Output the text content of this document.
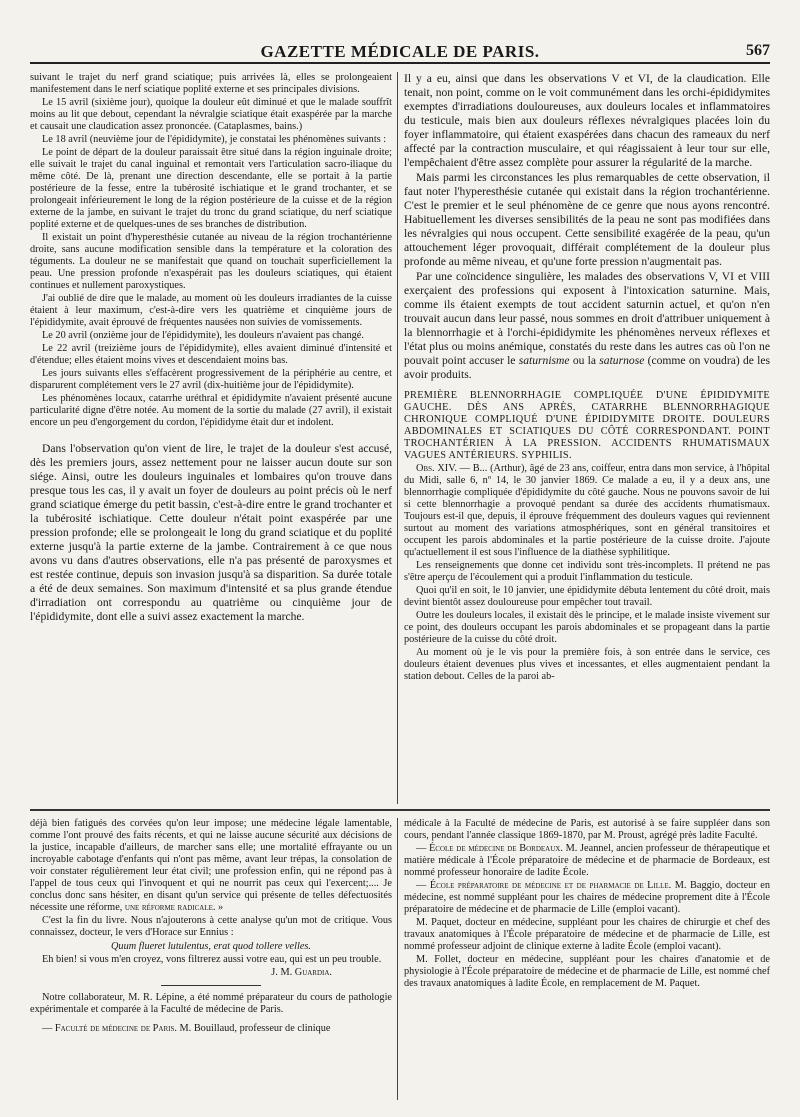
GAZETTE MÉDICALE DE PARIS.	567

suivant le trajet du nerf grand sciatique; puis arrivées là, elles se prolongeaient manifestement dans le nerf sciatique poplité externe et ses principales divisions.

Le 15 avril (sixième jour), quoique la douleur eût diminué et que le malade souffrît moins au lit que debout, cependant la névralgie sciatique était exaspérée par la marche et causait une claudication assez prononcée. (Cataplasmes, bains.)

Le 18 avril (neuvième jour de l'épididymite), je constatai les phénomènes suivants :

Le point de départ de la douleur paraissait être situé dans la région inguinale droite; elle suivait le trajet du canal inguinal et remontait vers l'articulation sacro-iliaque du même côté. De là, prenant une direction descendante, elle se portait à la partie postérieure de la fesse, entre la tubérosité ischiatique et le grand trochanter, et se prolongeait inférieurement le long de la région postérieure de la cuisse et de la région externe de la jambe, en suivant le trajet du tronc du grand sciatique, du nerf sciatique poplité externe et de quelques-unes de ses branches de distribution.

Il existait un point d'hyperesthésie cutanée au niveau de la région trochantérienne droite, sans aucune modification sensible dans la température et la coloration des téguments. La douleur ne se manifestait que quand on touchait superficiellement la peau. Une pression profonde n'exaspérait pas les douleurs sciatiques, qui étaient continues et nullement paroxystiques.

J'ai oublié de dire que le malade, au moment où les douleurs irradiantes de la cuisse étaient à leur maximum, c'est-à-dire vers les quatrième et cinquième jours de l'épididymite, avait éprouvé de fréquentes nausées non suivies de vomissements.

Le 20 avril (onzième jour de l'épididymite), les douleurs n'avaient pas changé.

Le 22 avril (treizième jours de l'épididymite), elles avaient diminué d'intensité et d'étendue; elles étaient moins vives et descendaient moins bas.

Les jours suivants elles s'effacèrent progressivement de la périphérie au centre, et disparurent complétement vers le 27 avril (dix-huitième jour de l'épididymite).

Les phénomènes locaux, catarrhe uréthral et épididymite n'avaient présenté aucune particularité digne d'être notée. Au moment de la sortie du malade (27 avril), il existait encore un peu d'engorgement du cordon, l'épididyme était dur et indolent.

Dans l'observation qu'on vient de lire, le trajet de la douleur s'est accusé, dès les premiers jours, assez nettement pour ne laisser aucun doute sur son siége. Ainsi, outre les douleurs inguinales et lombaires qu'on trouve dans presque tous les cas, il y avait un foyer de douleurs au point précis où le nerf grand sciatique émerge du petit bassin, c'est-à-dire entre le grand trochanter et la tubérosité ischiatique. Cette douleur n'était point exaspérée par une pression profonde; elle se prolongeait le long du grand sciatique et du poplité externe jusqu'à la partie externe de la jambe. Contrairement à ce que nous avons vu dans d'autres observations, elle n'a pas présenté de paroxysmes et est restée continue, depuis son invasion jusqu'à sa disparition. Sa durée totale a été de deux semaines. Son maximum d'intensité et sa plus grande étendue d'irradiation ont correspondu au quatrième ou cinquième jour de l'épididymite, dont elle a suivi assez exactement la marche.

Il y a eu, ainsi que dans les observations V et VI, de la claudication. Elle tenait, non point, comme on le voit communément dans les orchi-épididymites exemptes d'irradiations douloureuses, aux douleurs locales et inflammatoires du testicule, mais bien aux douleurs réflexes névralgiques placées loin du foyer inflammatoire, qui étaient exaspérées dans chacun des rameaux du nerf affecté par la contraction musculaire, et qui réagissaient à leur tour sur elle, l'empêchaient d'être assez complète pour assurer la régularité de la marche.

Mais parmi les circonstances les plus remarquables de cette observation, il faut noter l'hyperesthésie cutanée qui existait dans la région trochantérienne. C'est le premier et le seul phénomène de ce genre que nous ayons rencontré. Habituellement les diverses sensibilités de la peau ne sont pas modifiées dans les névralgies qui nous occupent. Cette sensibilité exagérée de la peau, qu'un attouchement léger provoquait, différait complétement de la douleur plus profonde au même niveau, et qu'une forte pression n'augmentait pas.

Par une coïncidence singulière, les malades des observations V, VI et VIII exerçaient des professions qui exposent à l'intoxication saturnine. Mais, comme ils étaient exempts de tout accident saturnin actuel, et qu'on n'en trouvait aucun dans leur passé, nous sommes en droit d'attribuer uniquement à la blennorrhagie et à l'orchi-épididymite les phénomènes nerveux réflexes et l'état plus ou moins anémique, constatés du reste dans les autres cas où l'on ne pouvait point accuser le saturnisme ou la saturnose (comme on voudra) de les avoir produits.

PREMIÈRE BLENNORRHAGIE COMPLIQUÉE D'UNE ÉPIDIDYMITE GAUCHE. DÈS ANS APRÈS, CATARRHE BLENNORRHAGIQUE CHRONIQUE COMPLIQUÉ D'UNE ÉPIDIDYMITE DROITE. DOULEURS ABDOMINALES ET SCIATIQUES DU CÔTÉ CORRESPONDANT. POINT TROCHANTÉRIEN À LA PRESSION. ACCIDENTS RHUMATISMAUX VAGUES ANTÉRIEURS. SYPHILIS.

Obs. XIV. — B... (Arthur), âgé de 23 ans, coiffeur, entra dans mon service, à l'hôpital du Midi, salle 6, nº 14, le 30 janvier 1869. Ce malade a eu, il y a deux ans, une blennorrhagie compliquée d'épididymite du côté gauche. Nous ne pouvons savoir de lui si cette blennorrhagie a provoqué pendant sa durée des accidents rhumatismaux. Toujours est-il que, depuis, il éprouve fréquemment des douleurs vagues qui reviennent surtout au moment des variations atmosphériques, sont en général transitoires et occupent les parois abdominales et la partie postérieure de la cuisse droite. J'ajoute qu'actuellement il est sous l'influence de la diathèse syphilitique.

Les renseignements que donne cet individu sont très-incomplets. Il prétend ne pas s'être aperçu de l'écoulement qui a produit l'inflammation du testicule.

Quoi qu'il en soit, le 10 janvier, une épididymite débuta lentement du côté droit, mais devint bientôt assez douloureuse pour empêcher tout travail.

Outre les douleurs locales, il existait dès le principe, et le malade insiste vivement sur ce point, des douleurs occupant les parois abdominales et se propageant dans la partie postérieure de la cuisse du côté droit.

Au moment où je le vis pour la première fois, à son entrée dans le service, ces douleurs étaient devenues plus vives et incessantes, et elles augmentaient pendant la station debout. Celles de la paroi ab-

déjà bien fatigués des corvées qu'on leur impose; une médecine légale lamentable, comme l'ont prouvé des faits récents, et qui ne laisse aucune sécurité aux décisions de la justice, incapable d'ailleurs, de marcher sans elle; une mortalité effrayante ou un incroyable cabotage d'enfants qui n'ont pas même, avant leur trépas, la consolation de voir constater régulièrement leur état civil; une profession enfin, qui ne répond pas à l'appel de tous ceux qui l'invoquent et qui ne nourrit pas ceux qui l'exercent;.... Je conclus donc sans hésiter, en disant qu'un service qui présente de telles défectuosités nécessite une réforme, une réforme radicale. »

C'est la fin du livre. Nous n'ajouterons à cette analyse qu'un mot de critique. Vous connaissez, docteur, le vers d'Horace sur Ennius :

Quum flueret lutulentus, erat quod tollere velles.

Eh bien! si vous m'en croyez, vons filtrerez aussi votre eau, qui est un peu trouble.

J. M. Guardia.

Notre collaborateur, M. R. Lépine, a été nommé préparateur du cours de pathologie expérimentale et comparée à la Faculté de médecine de Paris.

— Faculté de médecine de Paris. M. Bouillaud, professeur de clinique

médicale à la Faculté de médecine de Paris, est autorisé à se faire suppléer dans son cours, pendant l'année classique 1869-1870, par M. Proust, agrégé près ladite Faculté.

— École de médecine de Bordeaux. M. Jeannel, ancien professeur de thérapeutique et matière médicale à l'École préparatoire de médecine et de pharmacie de Bordeaux, est nommé professeur honoraire de ladite École.

— École préparatoire de médecine et de pharmacie de Lille. M. Baggio, docteur en médecine, est nommé suppléant pour les chaires de médecine proprement dite à l'École préparatoire de médecine et de pharmacie de Lille (emploi vacant).

M. Paquet, docteur en médecine, suppléant pour les chaires de chirurgie et chef des travaux anatomiques à l'École préparatoire de médecine et de pharmacie de Lille, est nommé professeur adjoint de clinique externe à ladite École (emploi vacant).

M. Follet, docteur en médecine, suppléant pour les chaires d'anatomie et de physiologie à l'École préparatoire de médecine et de pharmacie de Lille, est nommé chef des travaux anatomiques à ladite École, en remplacement de M. Paquet.
